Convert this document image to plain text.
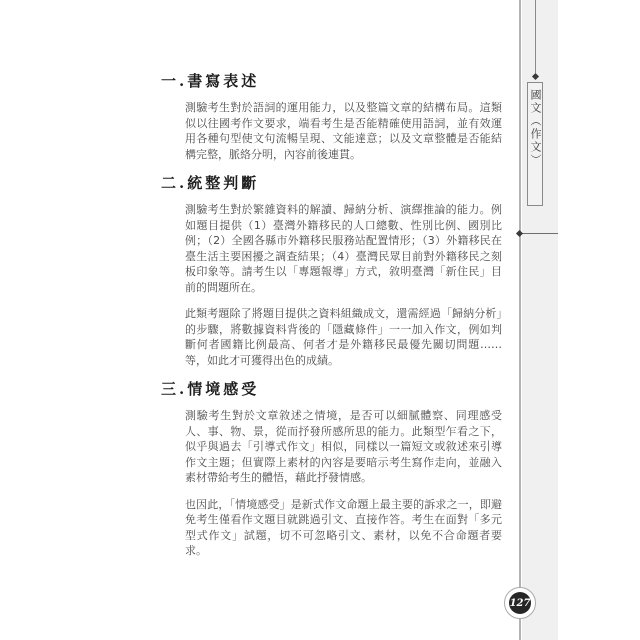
一.書寫表述

測驗考生對於語詞的運用能力，以及整篇文章的結構布局。這類似以往國考作文要求，端看考生是否能精確使用語詞，並有效運用各種句型使文句流暢呈現、文能達意；以及文章整體是否能結構完整，脈絡分明，內容前後連貫。

二.統整判斷

測驗考生對於繁雜資料的解讀、歸納分析、演繹推論的能力。例如題目提供（1）臺灣外籍移民的人口總數、性別比例、國別比例；（2）全國各縣市外籍移民服務站配置情形；（3）外籍移民在臺生活主要困擾之調查結果；（4）臺灣民眾目前對外籍移民之刻板印象等。請考生以「專題報導」方式，敘明臺灣「新住民」目前的問題所在。

此類考題除了將題目提供之資料組織成文，還需經過「歸納分析」的步驟，將數據資料背後的「隱藏條件」一一加入作文，例如判斷何者國籍比例最高、何者才是外籍移民最優先關切問題……等，如此才可獲得出色的成績。

三.情境感受

測驗考生對於文章敘述之情境，是否可以細膩體察、同理感受人、事、物、景，從而抒發所感所思的能力。此類型乍看之下，似乎與過去「引導式作文」相似，同樣以一篇短文或敘述來引導作文主題；但實際上素材的內容是要暗示考生寫作走向，並融入素材帶給考生的體悟，藉此抒發情感。

也因此，「情境感受」是新式作文命題上最主要的訴求之一，即避免考生僅看作文題目就跳過引文、直接作答。考生在面對「多元型式作文」試題，切不可忽略引文、素材，以免不合命題者要求。

國文（作文）
127
